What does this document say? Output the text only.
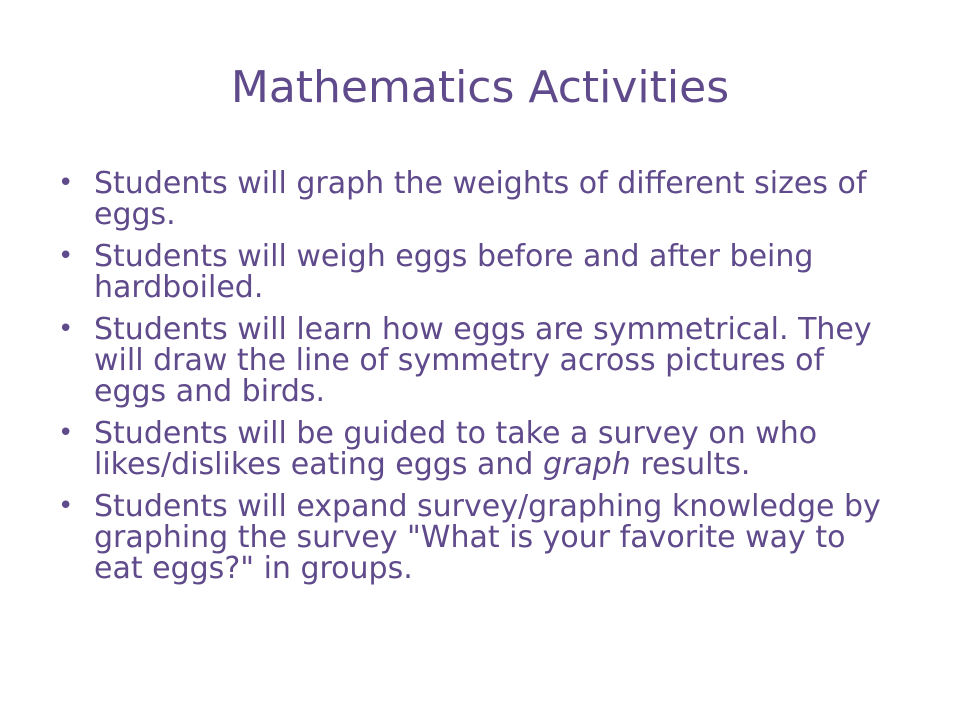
Mathematics Activities
• Students will graph the weights of different sizes of eggs.
• Students will weigh eggs before and after being hardboiled.
• Students will learn how eggs are symmetrical. They will draw the line of symmetry across pictures of eggs and birds.
• Students will be guided to take a survey on who likes/dislikes eating eggs and graph results.
• Students will expand survey/graphing knowledge by graphing the survey "What is your favorite way to eat eggs?" in groups.
